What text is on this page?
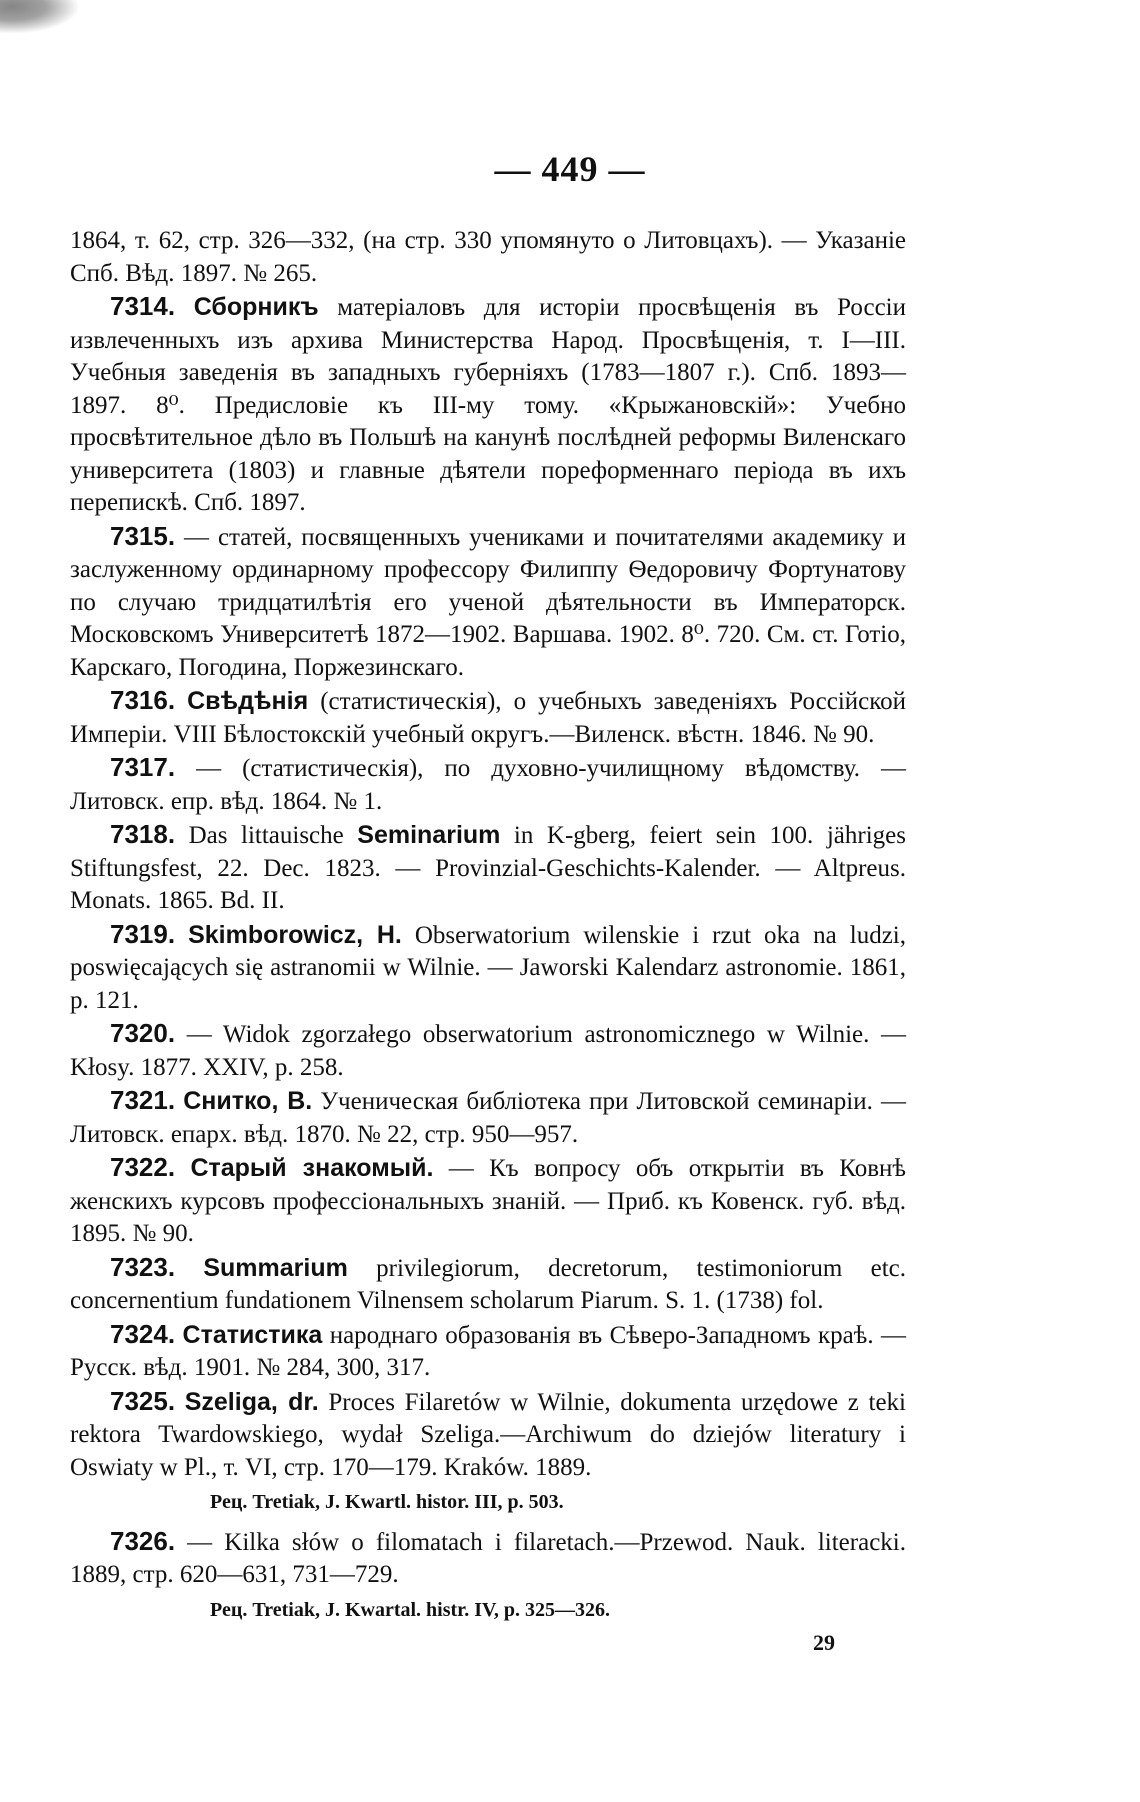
— 449 —

1864, т. 62, стр. 326—332, (на стр. 330 упомянуто о Литовцахъ). — Указаніе Спб. Вѣд. 1897. № 265.

7314. Сборникъ матеріаловъ для исторіи просвѣщенія въ Россіи извлеченныхъ изъ архива Министерства Народ. Просвѣщенія, т. I—III. Учебныя заведенія въ западныхъ губерніяхъ (1783—1807 г.). Спб. 1893—1897. 8⁰. Предисловіе къ III-му тому. «Крыжановскій»: Учебно просвѣтительное дѣло въ Польшѣ на канунѣ послѣдней реформы Виленскаго университета (1803) и главные дѣятели пореформеннаго періода въ ихъ перепискѣ. Спб. 1897.

7315. — статей, посвященныхъ учениками и почитателями академику и заслуженному ординарному профессору Филиппу Ѳедоровичу Фортунатову по случаю тридцатилѣтія его ученой дѣятельности въ Императорск. Московскомъ Университетѣ 1872—1902. Варшава. 1902. 8⁰. 720. См. ст. Готіо, Карскаго, Погодина, Поржезинскаго.

7316. Свѣдѣнія (статистическія), о учебныхъ заведеніяхъ Россійской Имперіи. VIII Бѣлостокскій учебный округъ.—Виленск. вѣстн. 1846. № 90.

7317. — (статистическія), по духовно-училищному вѣдомству. — Литовск. епр. вѣд. 1864. № 1.

7318. Das littauische Seminarium in K-gberg, feiert sein 100. jähriges Stiftungsfest, 22. Dec. 1823. — Provinzial-Geschichts-Kalender. — Altpreus. Monats. 1865. Bd. II.

7319. Skimborowicz, H. Obserwatorium wilenskie i rzut oka na ludzi, poswięcających się astranomii w Wilnie. — Jaworski Kalendarz astronomie. 1861, p. 121.

7320. — Widok zgorzałego obserwatorium astronomicznego w Wilnie. — Kłosy. 1877. XXIV, p. 258.

7321. Снитко, В. Ученическая библіотека при Литовской семинаріи. — Литовск. епарх. вѣд. 1870. № 22, стр. 950—957.

7322. Старый знакомый. — Къ вопросу объ открытіи въ Ковнѣ женскихъ курсовъ профессіональныхъ знаній. — Приб. къ Ковенск. губ. вѣд. 1895. № 90.

7323. Summarium privilegiorum, decretorum, testimoniorum etc. concernentium fundationem Vilnensem scholarum Piarum. S. 1. (1738) fol.

7324. Статистика народнаго образованія въ Сѣверо-Западномъ краѣ. — Русск. вѣд. 1901. № 284, 300, 317.

7325. Szeliga, dr. Proces Filaretów w Wilnie, dokumenta urzędowe z teki rektora Twardowskiego, wydał Szeliga.—Archiwum do dziejów literatury i Oswiaty w Pl., т. VI, стр. 170—179. Kraków. 1889.

Рец. Tretiak, J. Kwartl. histor. III, p. 503.

7326. — Kilka słów o filomatach i filaretach.—Przewod. Nauk. literacki. 1889, стр. 620—631, 731—729.

Рец. Tretiak, J. Kwartal. histr. IV, p. 325—326.

29
